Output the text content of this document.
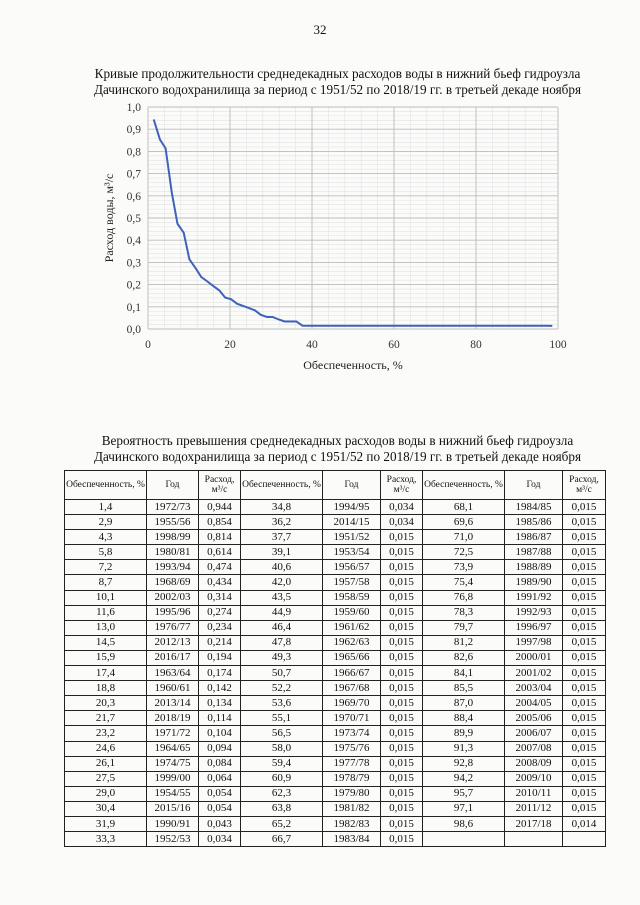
32
Кривые продолжительности среднедекадных расходов воды в нижний бьеф гидроузла
Дачинского водохранилища за период с 1951/52 по 2018/19 гг. в третьей декаде ноября
0,0
0,1
0,2
0,3
0,4
0,5
0,6
0,7
0,8
0,9
1,0
0	20	40	60	80	100
Расход воды, м³/с
Обеспеченность, %
Вероятность превышения среднедекадных расходов воды в нижний бьеф гидроузла
Дачинского водохранилища за период с 1951/52 по 2018/19 гг. в третьей декаде ноября
Обеспеченность, %	Год	Расход, м³/с	Обеспеченность, %	Год	Расход, м³/с	Обеспеченность, %	Год	Расход, м³/с
1,4	1972/73	0,944	34,8	1994/95	0,034	68,1	1984/85	0,015
2,9	1955/56	0,854	36,2	2014/15	0,034	69,6	1985/86	0,015
4,3	1998/99	0,814	37,7	1951/52	0,015	71,0	1986/87	0,015
5,8	1980/81	0,614	39,1	1953/54	0,015	72,5	1987/88	0,015
7,2	1993/94	0,474	40,6	1956/57	0,015	73,9	1988/89	0,015
8,7	1968/69	0,434	42,0	1957/58	0,015	75,4	1989/90	0,015
10,1	2002/03	0,314	43,5	1958/59	0,015	76,8	1991/92	0,015
11,6	1995/96	0,274	44,9	1959/60	0,015	78,3	1992/93	0,015
13,0	1976/77	0,234	46,4	1961/62	0,015	79,7	1996/97	0,015
14,5	2012/13	0,214	47,8	1962/63	0,015	81,2	1997/98	0,015
15,9	2016/17	0,194	49,3	1965/66	0,015	82,6	2000/01	0,015
17,4	1963/64	0,174	50,7	1966/67	0,015	84,1	2001/02	0,015
18,8	1960/61	0,142	52,2	1967/68	0,015	85,5	2003/04	0,015
20,3	2013/14	0,134	53,6	1969/70	0,015	87,0	2004/05	0,015
21,7	2018/19	0,114	55,1	1970/71	0,015	88,4	2005/06	0,015
23,2	1971/72	0,104	56,5	1973/74	0,015	89,9	2006/07	0,015
24,6	1964/65	0,094	58,0	1975/76	0,015	91,3	2007/08	0,015
26,1	1974/75	0,084	59,4	1977/78	0,015	92,8	2008/09	0,015
27,5	1999/00	0,064	60,9	1978/79	0,015	94,2	2009/10	0,015
29,0	1954/55	0,054	62,3	1979/80	0,015	95,7	2010/11	0,015
30,4	2015/16	0,054	63,8	1981/82	0,015	97,1	2011/12	0,015
31,9	1990/91	0,043	65,2	1982/83	0,015	98,6	2017/18	0,014
33,3	1952/53	0,034	66,7	1983/84	0,015			
